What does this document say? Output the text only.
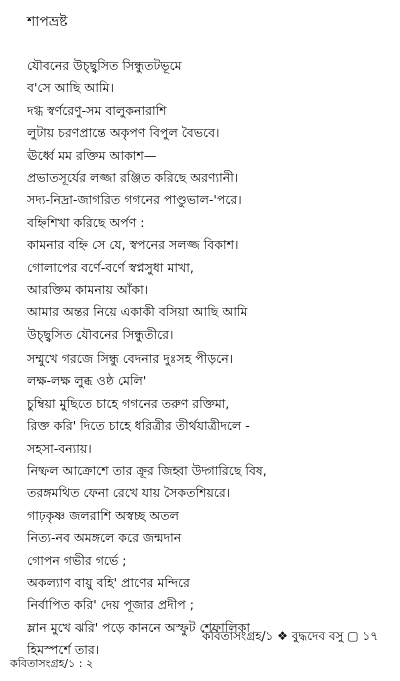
শাপভ্রষ্ট
যৌবনের উচ্ছ্বসিত সিন্ধুতটভূমে
ব'সে আছি আমি।
দগ্ধ স্বর্ণরেণু-সম বালুকনারাশি
লুটায় চরণপ্রান্তে অকৃপণ বিপুল বৈভবে।
ঊর্ধ্বে মম রক্তিম আকাশ—
প্রভাতসূর্যের লজ্জা রঞ্জিত করিছে অরণ্যানী।
সদ্য-নিদ্রা-জাগরিত গগনের পাণ্ডুভাল-'পরে।
বহ্নিশিখা করিছে অর্পণ :
কামনার বহ্নি সে যে, স্বপনের সলজ্জ বিকাশ।
গোলাপের বর্ণে-বর্ণে স্বপ্নসুধা মাখা,
আরক্তিম কামনায় আঁকা।
আমার অন্তর নিয়ে একাকী বসিয়া আছি আমি
উচ্ছ্বসিত যৌবনের সিন্ধুতীরে।
সম্মুখে গরজে সিন্ধু বেদনার দুঃসহ পীড়নে।
লক্ষ-লক্ষ লুব্ধ ওষ্ঠ মেলি'
চুম্বিয়া মুছিতে চাহে গগনের তরুণ রক্তিমা,
রিক্ত করি' দিতে চাহে ধরিত্রীর তীর্থযাত্রীদলে -
সহসা-বন্যায়।
নিষ্ফল আক্রোশে তার ক্রূর জিহ্বা উদ্গারিছে বিষ,
তরঙ্গমথিত ফেনা রেখে যায় সৈকতশিয়রে।
গাঢ়কৃষ্ণ জলরাশি অস্বচ্ছ অতল
নিত্য-নব অমঙ্গলে করে জন্মদান
গোপন গভীর গর্ভে ;
অকল্যাণ বায়ু বহি' প্রাণের মন্দিরে
নির্বাপিত করি' দেয় পূজার প্রদীপ ;
ম্লান মুখে ঝরি' পড়ে কাননে অস্ফুট শেফালিকা
হিমস্পর্শে তার।
কবিতাসংগ্রহ/১ ❖ বুদ্ধদেব বসু ▢ ১৭
কবিতাসংগ্রহ/১ : ২
